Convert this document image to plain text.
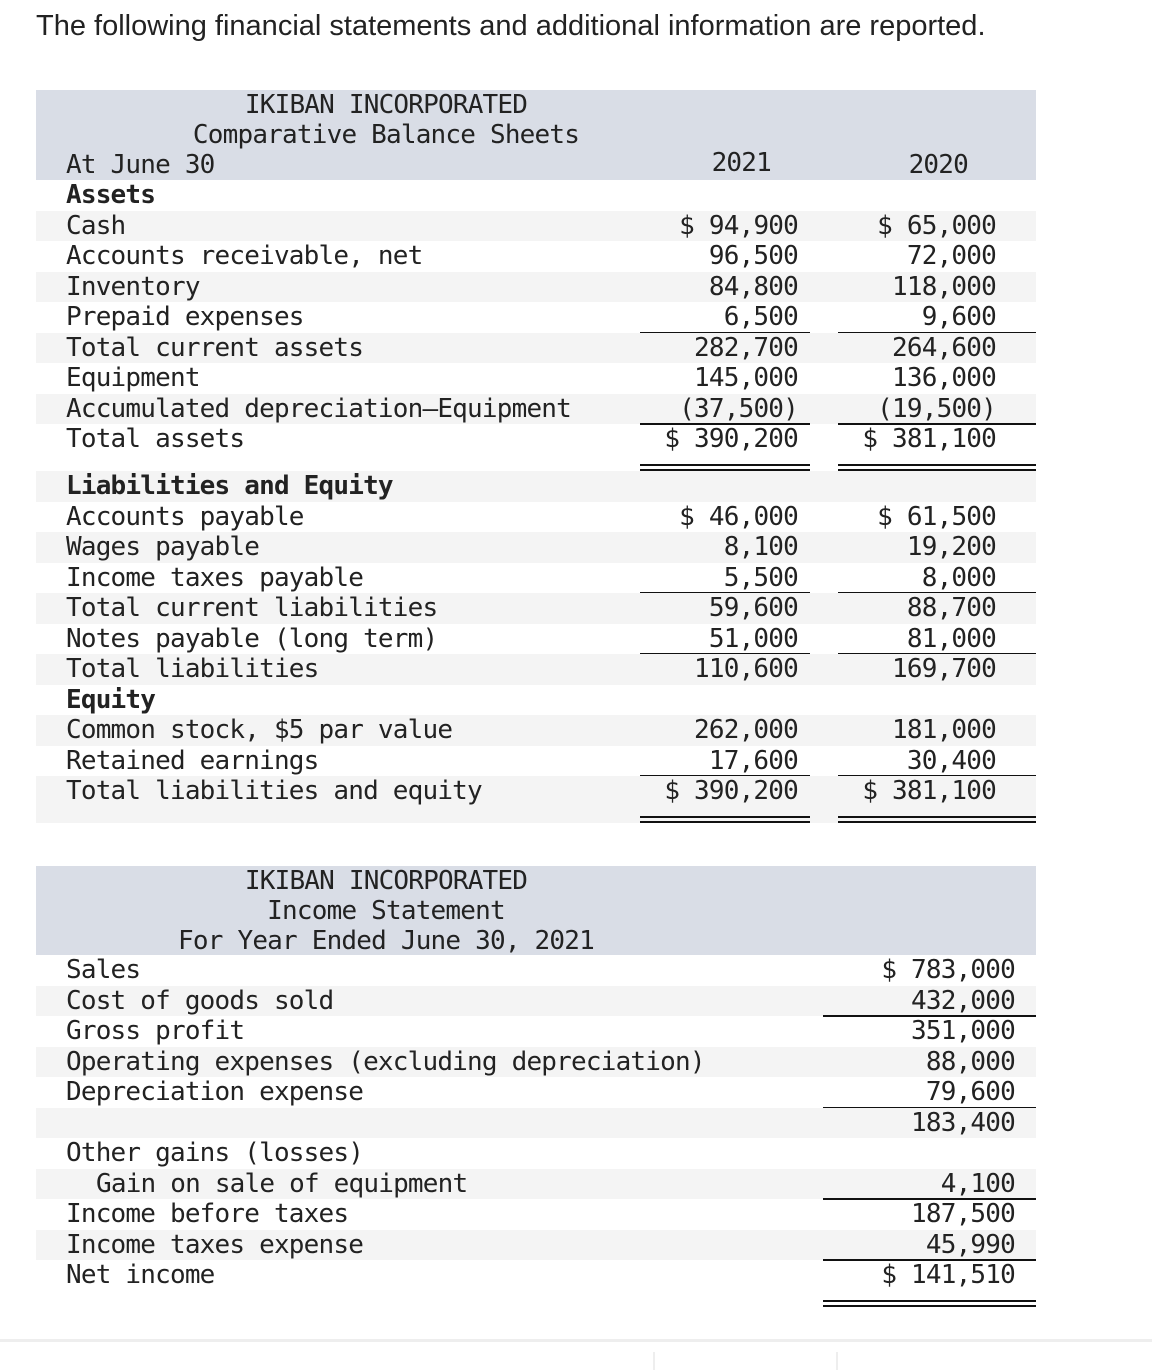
The following financial statements and additional information are reported.
IKIBAN INCORPORATED
Comparative Balance Sheets
At June 30	2021	2020
Assets
Cash	$ 94,900	$ 65,000
Accounts receivable, net	96,500	72,000
Inventory	84,800	118,000
Prepaid expenses	6,500	9,600
Total current assets	282,700	264,600
Equipment	145,000	136,000
Accumulated depreciation—Equipment	(37,500)	(19,500)
Total assets	$ 390,200 $ 381,100
Liabilities and Equity
Accounts payable	$ 46,000	$ 61,500
Wages payable	8,100	19,200
Income taxes payable	5,500	8,000
Total current liabilities	59,600	88,700
Notes payable (long term)	51,000	81,000
Total liabilities	110,600	169,700
Equity
Common stock, $5 par value	262,000	181,000
Retained earnings	17,600	30,400
Total liabilities and equity	$ 390,200 $ 381,100
IKIBAN INCORPORATED
Income Statement
For Year Ended June 30, 2021
Sales	$ 783,000
Cost of goods sold	432,000
Gross profit	351,000
Operating expenses (excluding depreciation)	88,000
Depreciation expense	79,600
183,400
Other gains (losses)
Gain on sale of equipment	4,100
Income before taxes	187,500
Income taxes expense	45,990
Net income	$ 141,510
